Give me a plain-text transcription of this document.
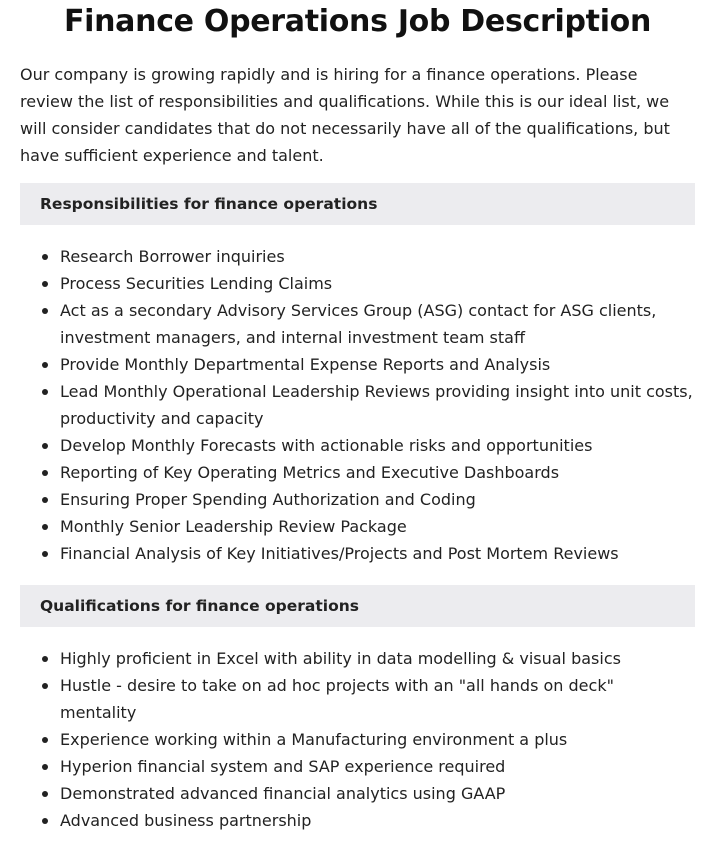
Finance Operations Job Description

Our company is growing rapidly and is hiring for a finance operations. Please review the list of responsibilities and qualifications. While this is our ideal list, we will consider candidates that do not necessarily have all of the qualifications, but have sufficient experience and talent.

Responsibilities for finance operations
Research Borrower inquiries
Process Securities Lending Claims
Act as a secondary Advisory Services Group (ASG) contact for ASG clients, investment managers, and internal investment team staff
Provide Monthly Departmental Expense Reports and Analysis
Lead Monthly Operational Leadership Reviews providing insight into unit costs, productivity and capacity
Develop Monthly Forecasts with actionable risks and opportunities
Reporting of Key Operating Metrics and Executive Dashboards
Ensuring Proper Spending Authorization and Coding
Monthly Senior Leadership Review Package
Financial Analysis of Key Initiatives/Projects and Post Mortem Reviews
Qualifications for finance operations
Highly proficient in Excel with ability in data modelling & visual basics
Hustle - desire to take on ad hoc projects with an "all hands on deck" mentality
Experience working within a Manufacturing environment a plus
Hyperion financial system and SAP experience required
Demonstrated advanced financial analytics using GAAP
Advanced business partnership
